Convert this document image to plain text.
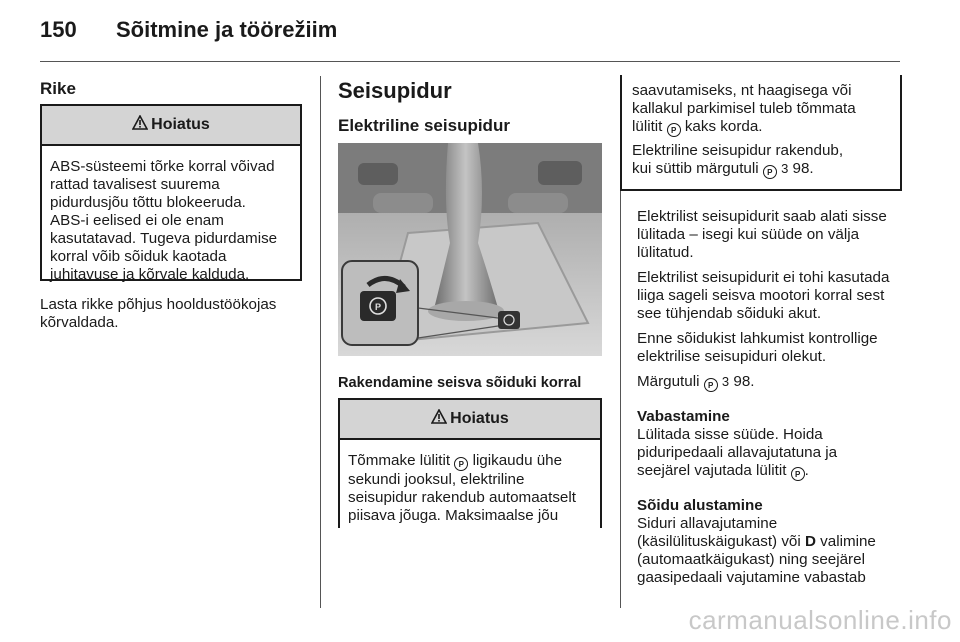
150 Sõitmine ja töörežiim
Rike
Hoiatus
ABS-süsteemi tõrke korral võivad
rattad tavalisest suurema
pidurdusjõu tõttu blokeeruda.
ABS-i eelised ei ole enam
kasutatavad. Tugeva pidurdamise
korral võib sõiduk kaotada
juhitavuse ja kõrvale kalduda.
Lasta rikke põhjus hooldustöökojas
kõrvaldada.
Seisupidur
Elektriline seisupidur
P
Rakendamine seisva sõiduki korral
Hoiatus
Tõmmake lülitit P ligikaudu ühe
sekundi jooksul, elektriline
seisupidur rakendub automaatselt
piisava jõuga. Maksimaalse jõu

saavutamiseks, nt haagisega või
kallakul parkimisel tuleb tõmmata
lülitit P kaks korda.

Elektriline seisupidur rakendub,
kui süttib märgutuli P 3 98.

Elektrilist seisupidurit saab alati sisse
lülitada – isegi kui süüde on välja
lülitatud.

Elektrilist seisupidurit ei tohi kasutada
liiga sageli seisva mootori korral sest
see tühjendab sõiduki akut.

Enne sõidukist lahkumist kontrollige
elektrilise seisupiduri olekut.

Märgutuli P 3 98.

Vabastamine
Lülitada sisse süüde. Hoida
piduripedaali allavajutatuna ja
seejärel vajutada lülitit P .

Sõidu alustamine
Siduri allavajutamine
(käsilülituskäigukast) või D valimine
(automaatkäigukast) ning seejärel
gaasipedaali vajutamine vabastab

carmanualsonline.info
